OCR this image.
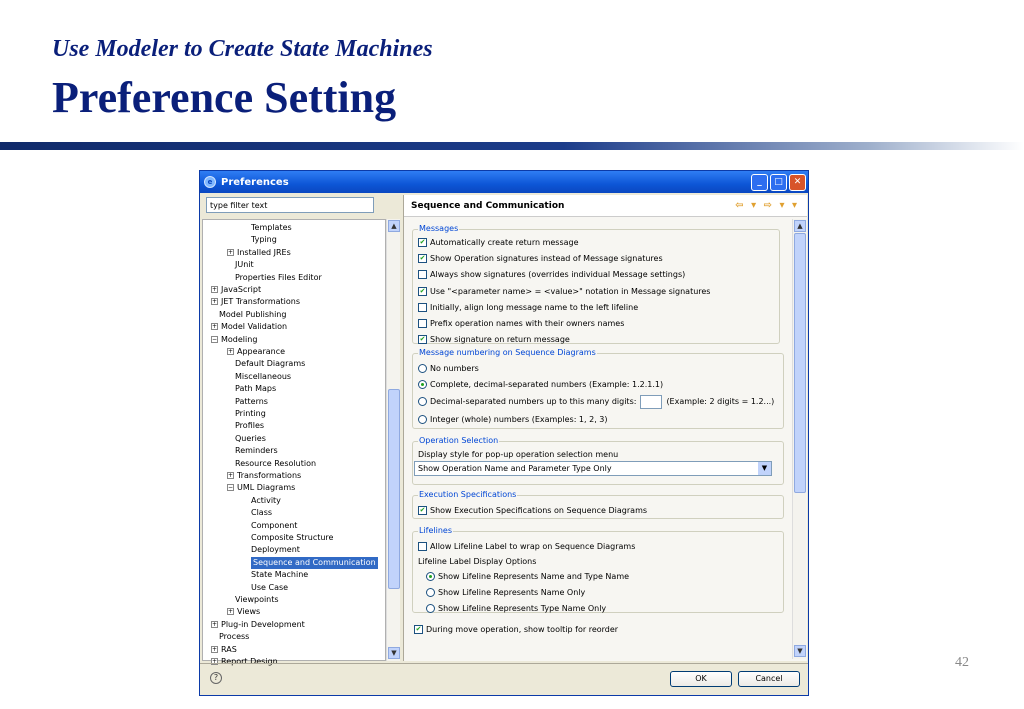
Use Modeler to Create State Machines
Preference Setting
42
e Preferences	_	□	✕
type filter text
Templates
Typing
+ Installed JREs
JUnit
Properties Files Editor
+ JavaScript
+ JET Transformations
Model Publishing
+ Model Validation
− Modeling
+ Appearance
Default Diagrams
Miscellaneous
Path Maps
Patterns
Printing
Profiles
Queries
Reminders
Resource Resolution
+ Transformations
− UML Diagrams
Activity
Class
Component
Composite Structure
Deployment
Sequence and Communication
State Machine
Use Case
Viewpoints
+ Views
+ Plug-in Development
Process
+ RAS
+ Report Design
▲
▼
Sequence and Communication	⇦ ▾ ⇨ ▾ ▾
Messages
✔ Automatically create return message
✔ Show Operation signatures instead of Message signatures
Always show signatures (overrides individual Message settings)
✔ Use "<parameter name> = <value>" notation in Message signatures
Initially, align long message name to the left lifeline
Prefix operation names with their owners names
✔ Show signature on return message
Message numbering on Sequence Diagrams
No numbers
Complete, decimal-separated numbers (Example: 1.2.1.1)
Decimal-separated numbers up to this many digits:	(Example: 2 digits = 1.2...)
Integer (whole) numbers (Examples: 1, 2, 3)
Operation Selection
Display style for pop-up operation selection menu
Show Operation Name and Parameter Type Only	▼
Execution Specifications
✔ Show Execution Specifications on Sequence Diagrams
Lifelines
Allow Lifeline Label to wrap on Sequence Diagrams
Lifeline Label Display Options
Show Lifeline Represents Name and Type Name
Show Lifeline Represents Name Only
Show Lifeline Represents Type Name Only
✔ During move operation, show tooltip for reorder
▲
▼
?	OK	Cancel
